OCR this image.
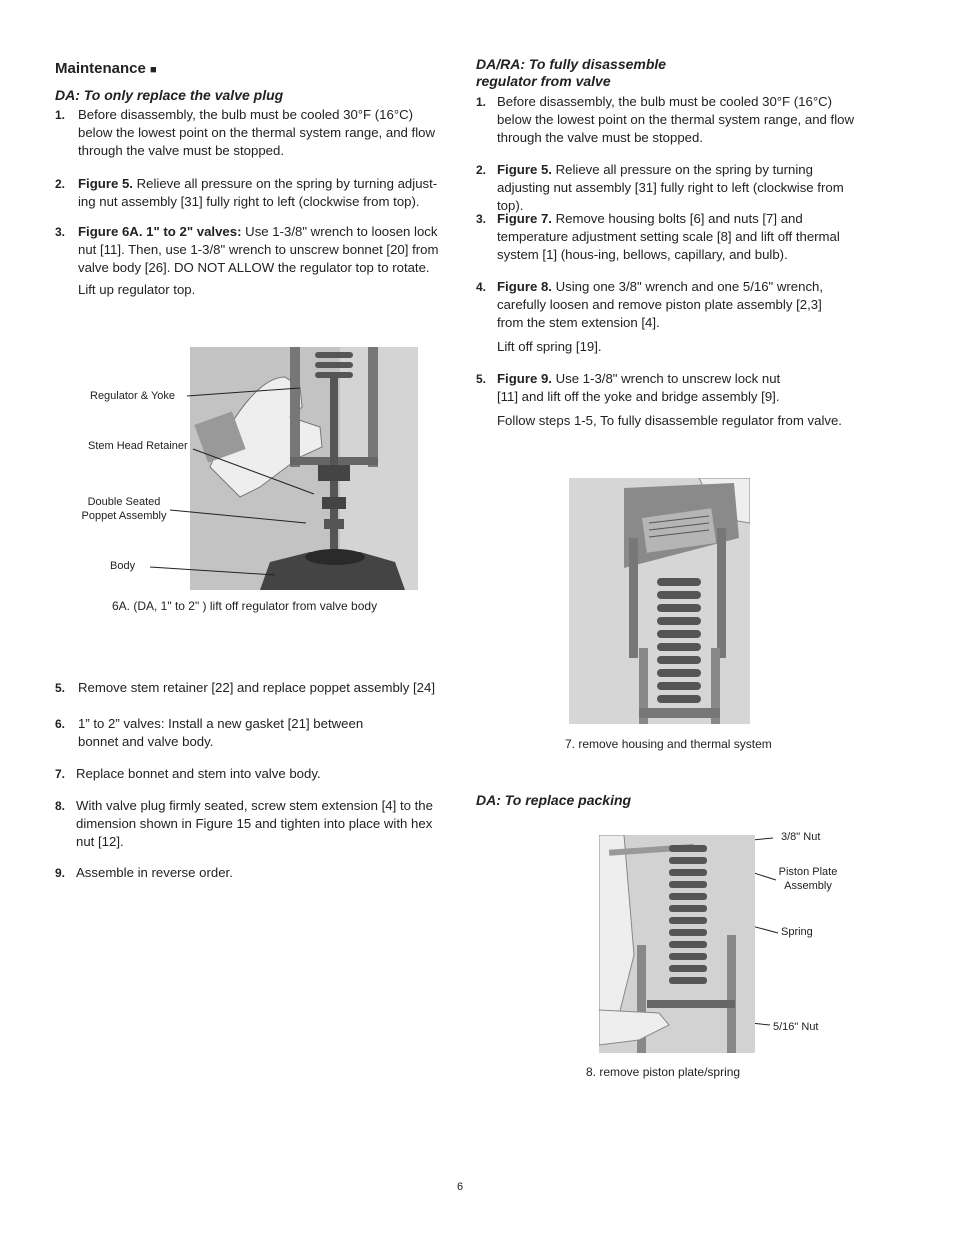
Maintenance ■
DA: To only replace the valve plug
1. Before disassembly, the bulb must be cooled 30°F (16°C) below the lowest point on the thermal system range, and flow through the valve must be stopped.
2. Figure 5. Relieve all pressure on the spring by turning adjust-ing nut assembly [31] fully right to left (clockwise from top).
3. Figure 6A. 1" to 2" valves: Use 1-3/8" wrench to loosen lock nut [11]. Then, use 1-3/8" wrench to unscrew bonnet [20] from valve body [26]. DO NOT ALLOW the regulator top to rotate.
Lift up regulator top.
Regulator & Yoke
Stem Head Retainer
Double Seated Poppet Assembly
Body
6A. (DA, 1" to 2" ) lift off regulator from valve body
5. Remove stem retainer [22] and replace poppet assembly [24]
6. 1” to 2” valves: Install a new gasket [21] between bonnet and valve body.
7. Replace bonnet and stem into valve body.
8. With valve plug firmly seated, screw stem extension [4] to the dimension shown in Figure 15 and tighten into place with hex nut [12].
9. Assemble in reverse order.
DA/RA: To fully disassemble regulator from valve
1. Before disassembly, the bulb must be cooled 30°F (16°C) below the lowest point on the thermal system range, and flow through the valve must be stopped.
2. Figure 5. Relieve all pressure on the spring by turning adjusting nut assembly [31] fully right to left (clockwise from top).
3. Figure 7. Remove housing bolts [6] and nuts [7] and temperature adjustment setting scale [8] and lift off thermal system [1] (hous-ing, bellows, capillary, and bulb).
4. Figure 8. Using one 3/8" wrench and one 5/16" wrench, carefully loosen and remove piston plate assembly [2,3] from the stem extension [4].
Lift off spring [19].
5. Figure 9. Use 1-3/8" wrench to unscrew lock nut [11] and lift off the yoke and bridge assembly [9].
Follow steps 1-5, To fully disassemble regulator from valve.
7. remove housing and thermal system
DA: To replace packing
3/8" Nut
Piston Plate Assembly
Spring
5/16" Nut
8. remove piston plate/spring
6
